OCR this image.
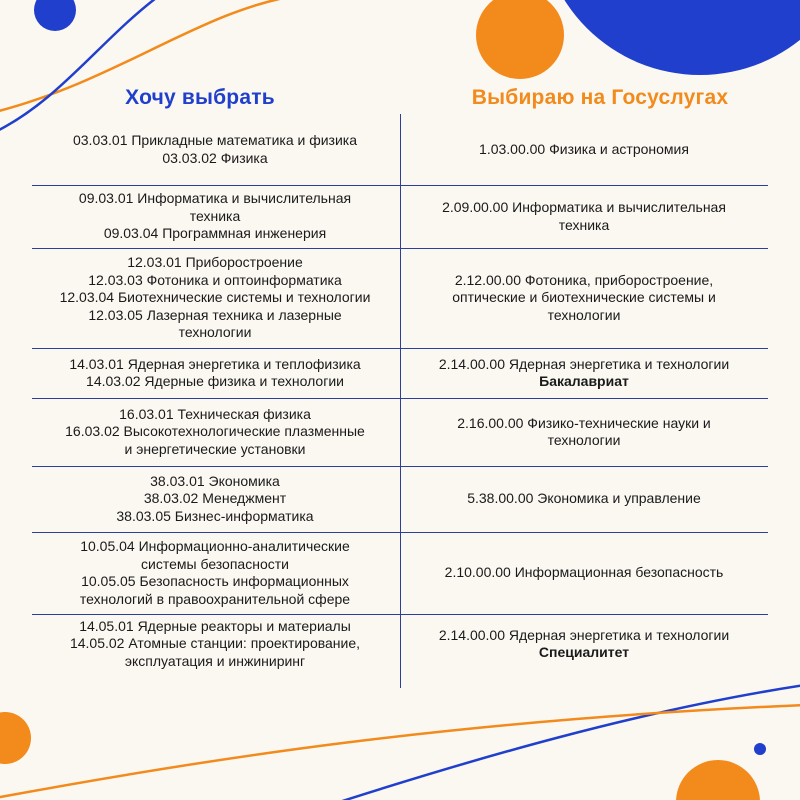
Хочу выбрать	Выбираю на Госуслугах
03.03.01 Прикладные математика и физика
03.03.02 Физика
1.03.00.00 Физика и астрономия
09.03.01 Информатика и вычислительная
техника
09.03.04 Программная инженерия
2.09.00.00 Информатика и вычислительная
техника
12.03.01 Приборостроение
12.03.03 Фотоника и оптоинформатика
12.03.04 Биотехнические системы и технологии
12.03.05 Лазерная техника и лазерные
технологии
2.12.00.00 Фотоника, приборостроение,
оптические и биотехнические системы и
технологии
14.03.01 Ядерная энергетика и теплофизика
14.03.02 Ядерные физика и технологии
2.14.00.00 Ядерная энергетика и технологии
Бакалавриат
16.03.01 Техническая физика
16.03.02 Высокотехнологические плазменные
и энергетические установки
2.16.00.00 Физико-технические науки и
технологии
38.03.01 Экономика
38.03.02 Менеджмент
38.03.05 Бизнес-информатика
5.38.00.00 Экономика и управление
10.05.04 Информационно-аналитические
системы безопасности
10.05.05 Безопасность информационных
технологий в правоохранительной сфере
2.10.00.00 Информационная безопасность
14.05.01 Ядерные реакторы и материалы
14.05.02 Атомные станции: проектирование,
эксплуатация и инжиниринг
2.14.00.00 Ядерная энергетика и технологии
Специалитет
